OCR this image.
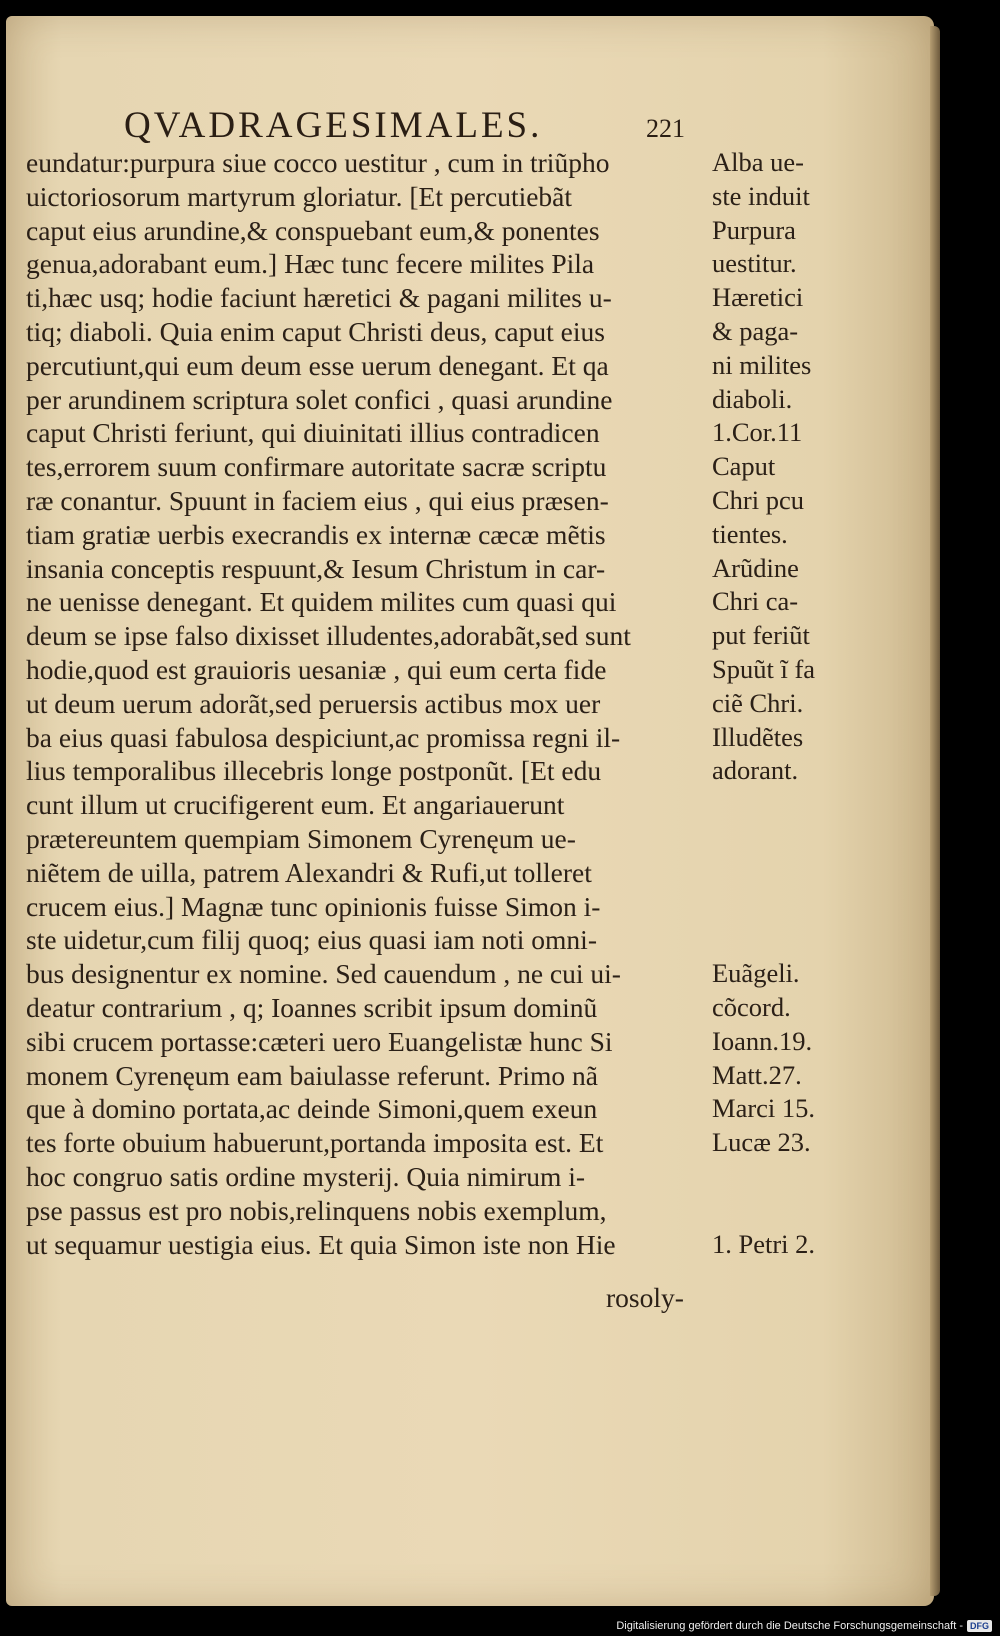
QVADRAGESIMALES.	221
eundatur:purpura siue cocco uestitur , cum in triũpho
uictoriosorum martyrum gloriatur. [Et percutiebãt
caput eius arundine,& conspuebant eum,& ponentes
genua,adorabant eum.] Hæc tunc fecere milites Pila
ti,hæc usq; hodie faciunt hæretici & pagani milites u-
tiq; diaboli. Quia enim caput Christi deus, caput eius
percutiunt,qui eum deum esse uerum denegant. Et qa
per arundinem scriptura solet confici , quasi arundine
caput Christi feriunt, qui diuinitati illius contradicen
tes,errorem suum confirmare autoritate sacræ scriptu
ræ conantur. Spuunt in faciem eius , qui eius præsen-
tiam gratiæ uerbis execrandis ex internæ cæcæ mẽtis
insania conceptis respuunt,& Iesum Christum in car-
ne uenisse denegant. Et quidem milites cum quasi qui
deum se ipse falso dixisset illudentes,adorabãt,sed sunt
hodie,quod est grauioris uesaniæ , qui eum certa fide
ut deum uerum adorãt,sed peruersis actibus mox uer
ba eius quasi fabulosa despiciunt,ac promissa regni il-
lius temporalibus illecebris longe postponũt. [Et edu
cunt illum ut crucifigerent eum. Et angariauerunt
prætereuntem quempiam Simonem Cyrenęum ue-
niẽtem de uilla, patrem Alexandri & Rufi,ut tolleret
crucem eius.] Magnæ tunc opinionis fuisse Simon i-
ste uidetur,cum filij quoq; eius quasi iam noti omni-
bus designentur ex nomine. Sed cauendum , ne cui ui-
deatur contrarium , q; Ioannes scribit ipsum dominũ
sibi crucem portasse:cæteri uero Euangelistæ hunc Si
monem Cyrenęum eam baiulasse referunt. Primo nã
que à domino portata,ac deinde Simoni,quem exeun
tes forte obuium habuerunt,portanda imposita est. Et
hoc congruo satis ordine mysterij. Quia nimirum i-
pse passus est pro nobis,relinquens nobis exemplum,
ut sequamur uestigia eius. Et quia Simon iste non Hie
Alba ue-
ste induit
Purpura
uestitur.
Hæretici
& paga-
ni milites
diaboli.
1.Cor.11
Caput
Chri pcu
tientes.
Arũdine
Chri ca-
put feriũt
Spuũt ĩ fa
ciẽ Chri.
Illudẽtes
adorant.
Euãgeli.
cõcord.
Ioann.19.
Matt.27.
Marci 15.
Lucæ 23.
1. Petri 2.
rosoly-
Digitalisierung gefördert durch die Deutsche Forschungsgemeinschaft - DFG
